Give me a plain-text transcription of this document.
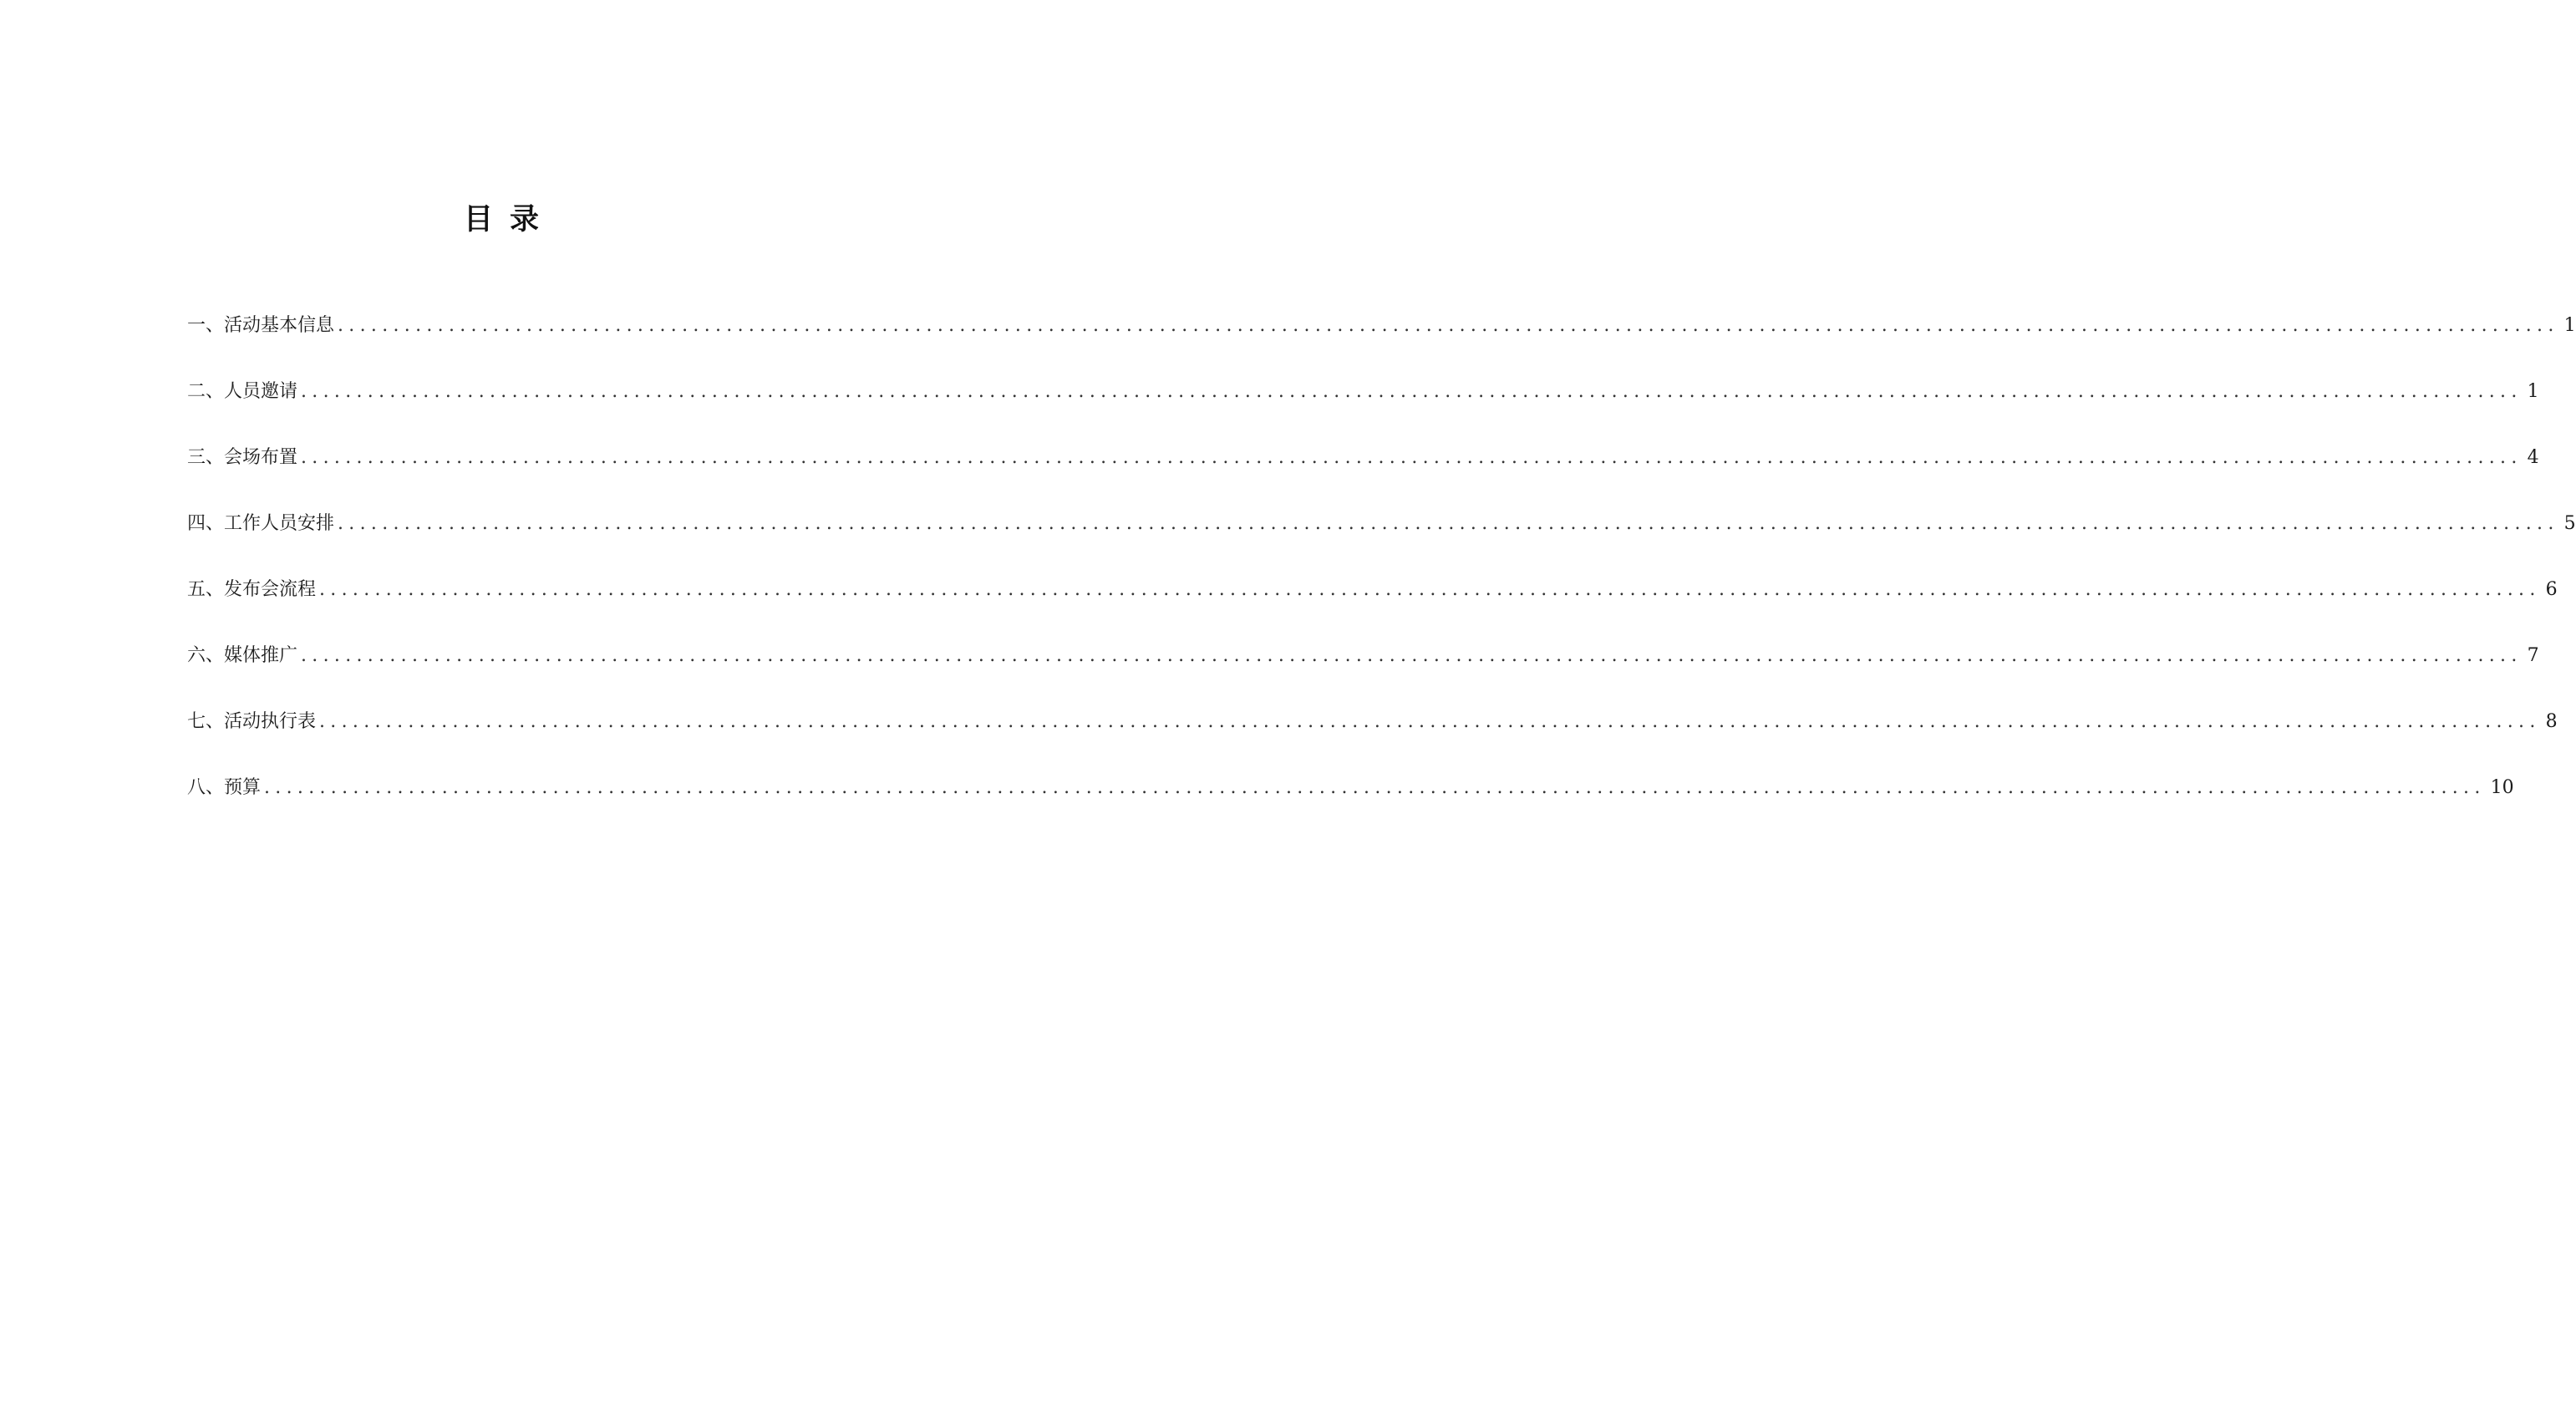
目录
一、活动基本信息 ........................................................................................................................................................................................................ 1
二、人员邀请 ........................................................................................................................................................................................................ 1
三、会场布置 ........................................................................................................................................................................................................ 4
四、工作人员安排 ........................................................................................................................................................................................................ 5
五、发布会流程 ........................................................................................................................................................................................................ 6
六、媒体推广 ........................................................................................................................................................................................................ 7
七、活动执行表 ........................................................................................................................................................................................................ 8
八、预算 ........................................................................................................................................................................................................ 10
